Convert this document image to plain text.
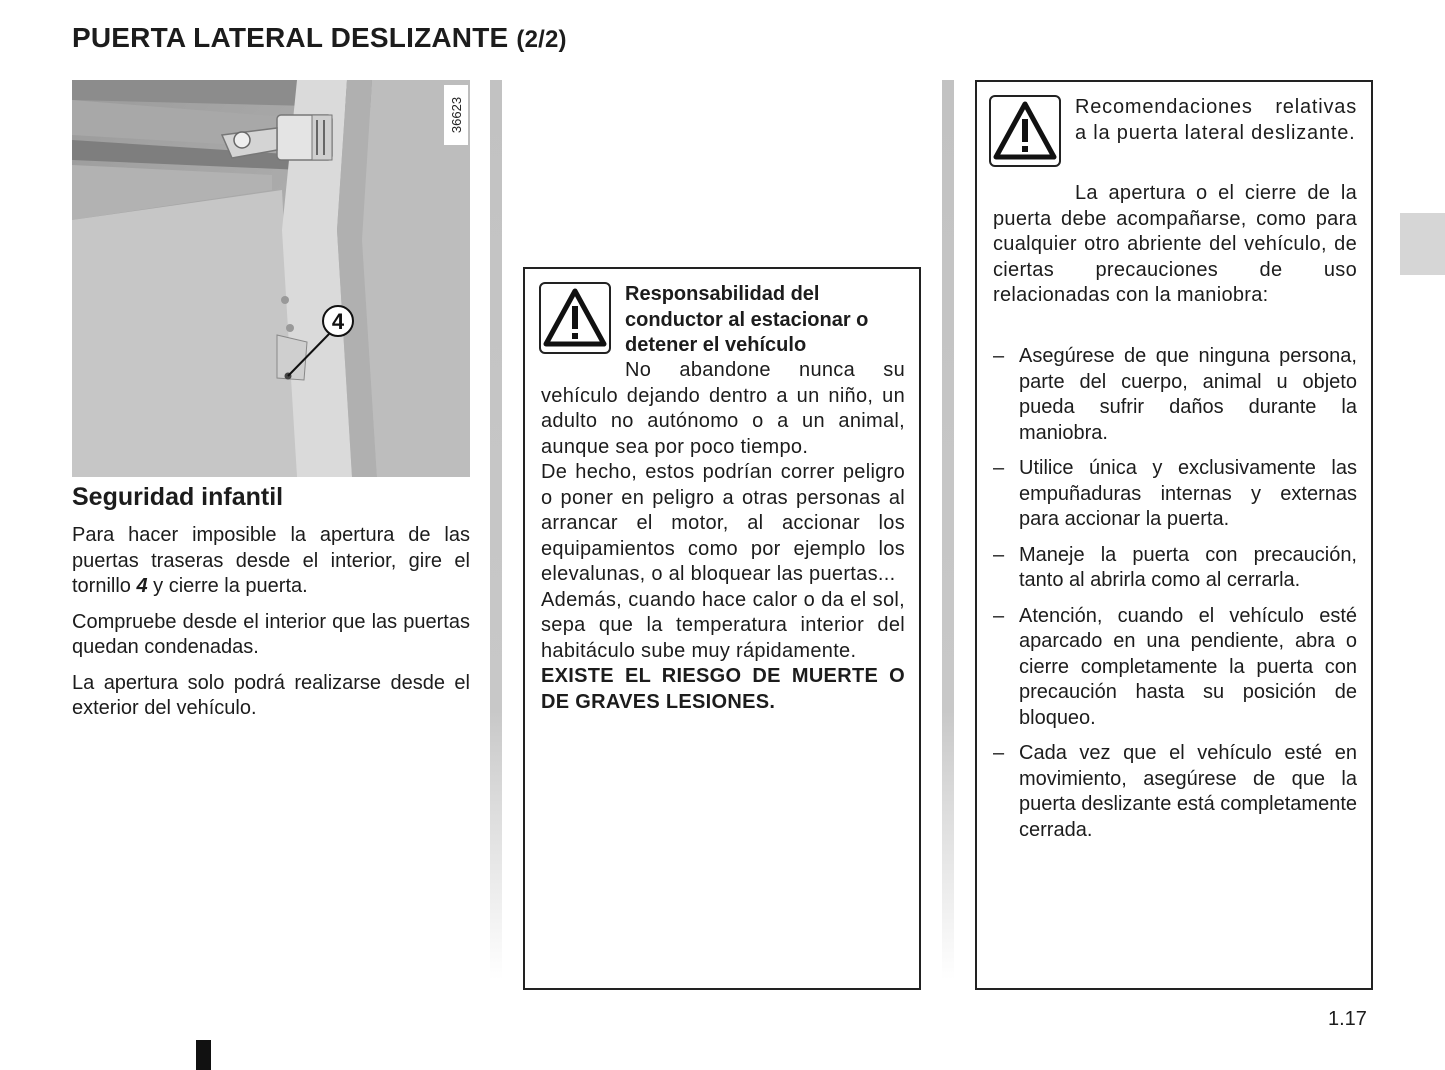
PUERTA LATERAL DESLIZANTE (2/2)
4
36623
Seguridad infantil

Para hacer imposible la apertura de las puertas traseras desde el interior, gire el tornillo 4 y cierre la puerta.

Compruebe desde el interior que las puertas quedan condenadas.

La apertura solo podrá realizarse desde el exterior del vehículo.

Responsabilidad del conductor al estacionar o detener el vehículo

No abandone nunca su vehículo dejando dentro a un niño, un adulto no autónomo o a un animal, aunque sea por poco tiempo.

De hecho, estos podrían correr peligro o poner en peligro a otras personas al arrancar el motor, al accionar los equipamientos como por ejemplo los elevalunas, o al bloquear las puertas...

Además, cuando hace calor o da el sol, sepa que la temperatura interior del habitáculo sube muy rápidamente.

EXISTE EL RIESGO DE MUERTE O DE GRAVES LESIONES.

Recomendaciones relativas a la puerta lateral deslizante.
La apertura o el cierre de la puerta debe acompañarse, como para cualquier otro abriente del vehículo, de ciertas precauciones de uso relacionadas con la maniobra:
– Asegúrese de que ninguna persona, parte del cuerpo, animal u objeto pueda sufrir daños durante la maniobra.
– Utilice única y exclusivamente las empuñaduras internas y externas para accionar la puerta.
– Maneje la puerta con precaución, tanto al abrirla como al cerrarla.
– Atención, cuando el vehículo esté aparcado en una pendiente, abra o cierre completamente la puerta con precaución hasta su posición de bloqueo.
– Cada vez que el vehículo esté en movimiento, asegúrese de que la puerta deslizante está completamente cerrada.
1.17
